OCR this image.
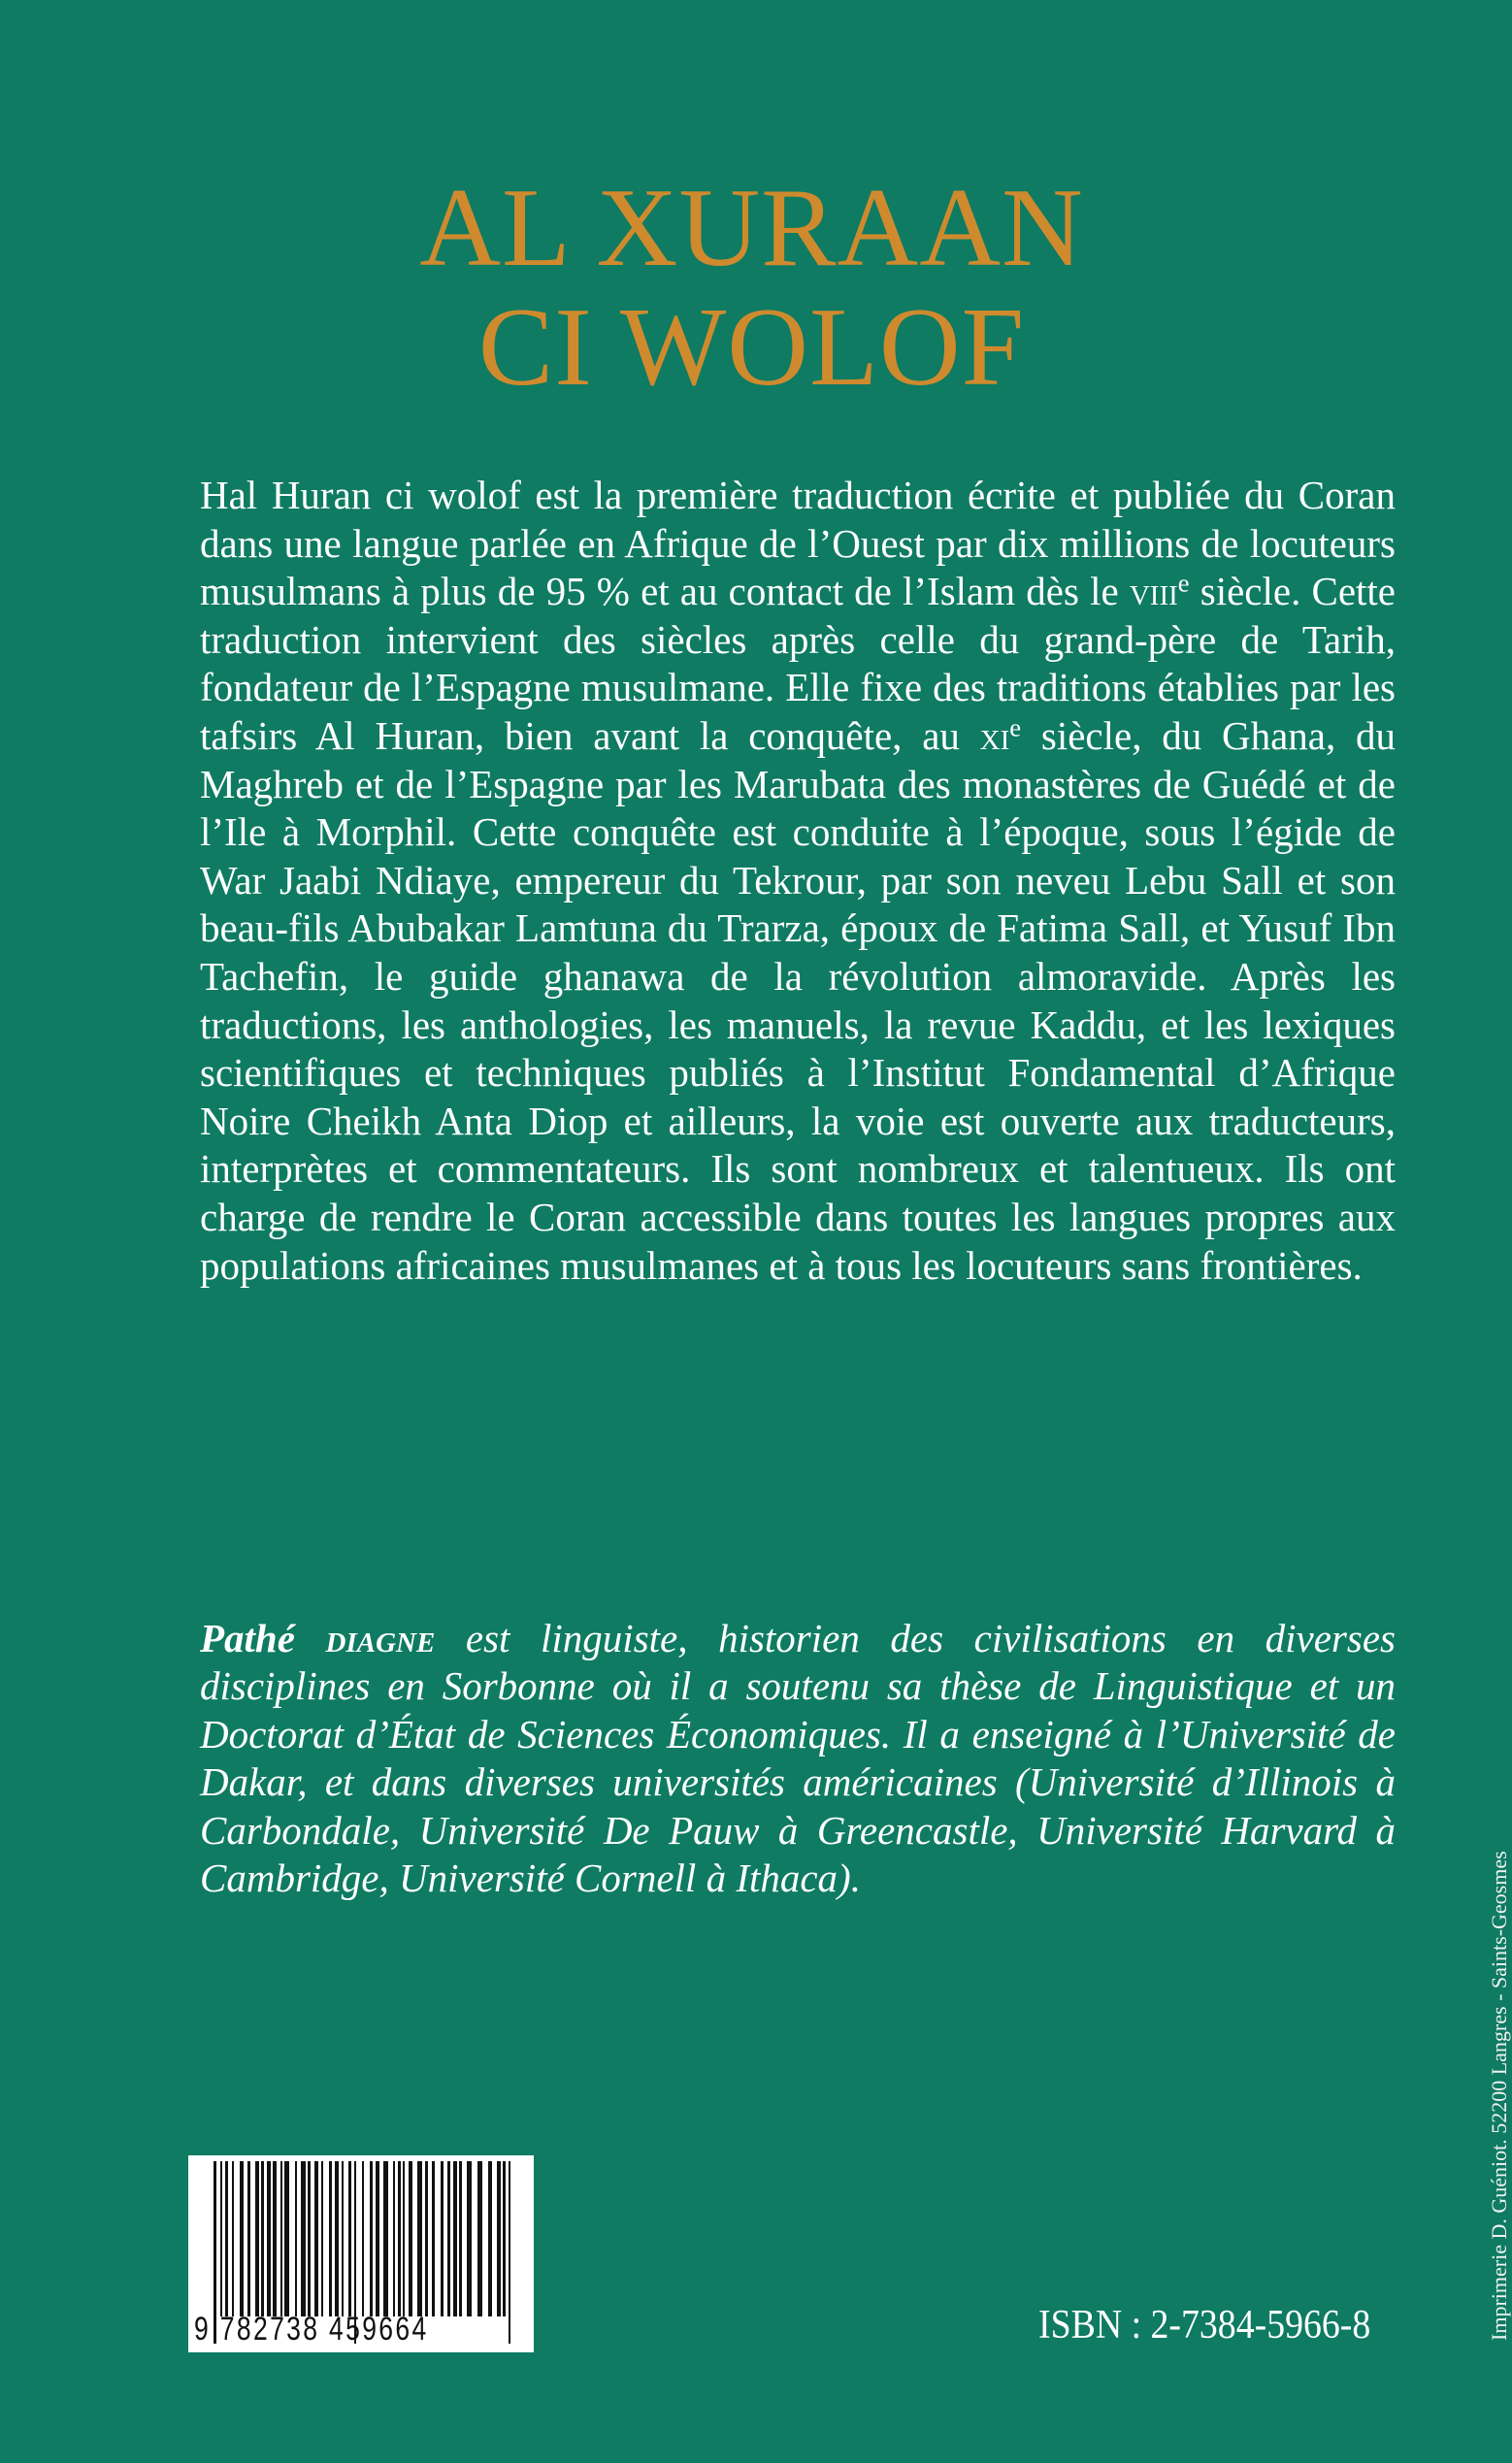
AL XURAAN
CI WOLOF
Hal Huran ci wolof est la première traduction écrite et publiée du Coran dans une langue parlée en Afrique de l’Ouest par dix millions de locuteurs musulmans à plus de 95 % et au contact de l’Islam dès le viii$^e$ siècle. Cette traduction intervient des siècles après celle du grand-père de Tarih, fondateur de l’Espagne musulmane. Elle fixe des traditions établies par les tafsirs Al Huran, bien avant la conquête, au $xi^e$ siècle, du Ghana, du Maghreb et de l’Espagne par les Marubata des monastères de Guédé et de l’Ile à Morphil. Cette conquête est conduite à l’époque, sous l’égide de War Jaabi Ndiaye, empereur du Tekrour, par son neveu Lebu Sall et son beau-fils Abubakar Lamtuna du Trarza, époux de Fatima Sall, et Yusuf Ibn Tachefin, le guide ghanawa de la révolution almoravide. Après les traductions, les anthologies, les manuels, la revue Kaddu, et les lexiques scientifiques et techniques publiés à l’Institut Fondamental d’Afrique Noire Cheikh Anta Diop et ailleurs, la voie est ouverte aux traducteurs, interprètes et commentateurs. Ils sont nombreux et talentueux. Ils ont charge de rendre le Coran accessible dans toutes les langues propres aux populations africaines musulmanes et à tous les locuteurs sans frontières.
Pathé diagne est linguiste, historien des civilisations en diverses disciplines en Sorbonne où il a soutenu sa thèse de Linguistique et un Doctorat d’État de Sciences Économiques. Il a enseigné à l’Université de Dakar, et dans diverses universités américaines (Université d’Illinois à Carbondale, Université De Pauw à Greencastle, Université Harvard à Cambridge, Université Cornell à Ithaca).
9 782738 459664	ISBN : 2-7384-5966-8	Imprimerie D. Guéniot. 52200 Langres - Saints-Geosmes
